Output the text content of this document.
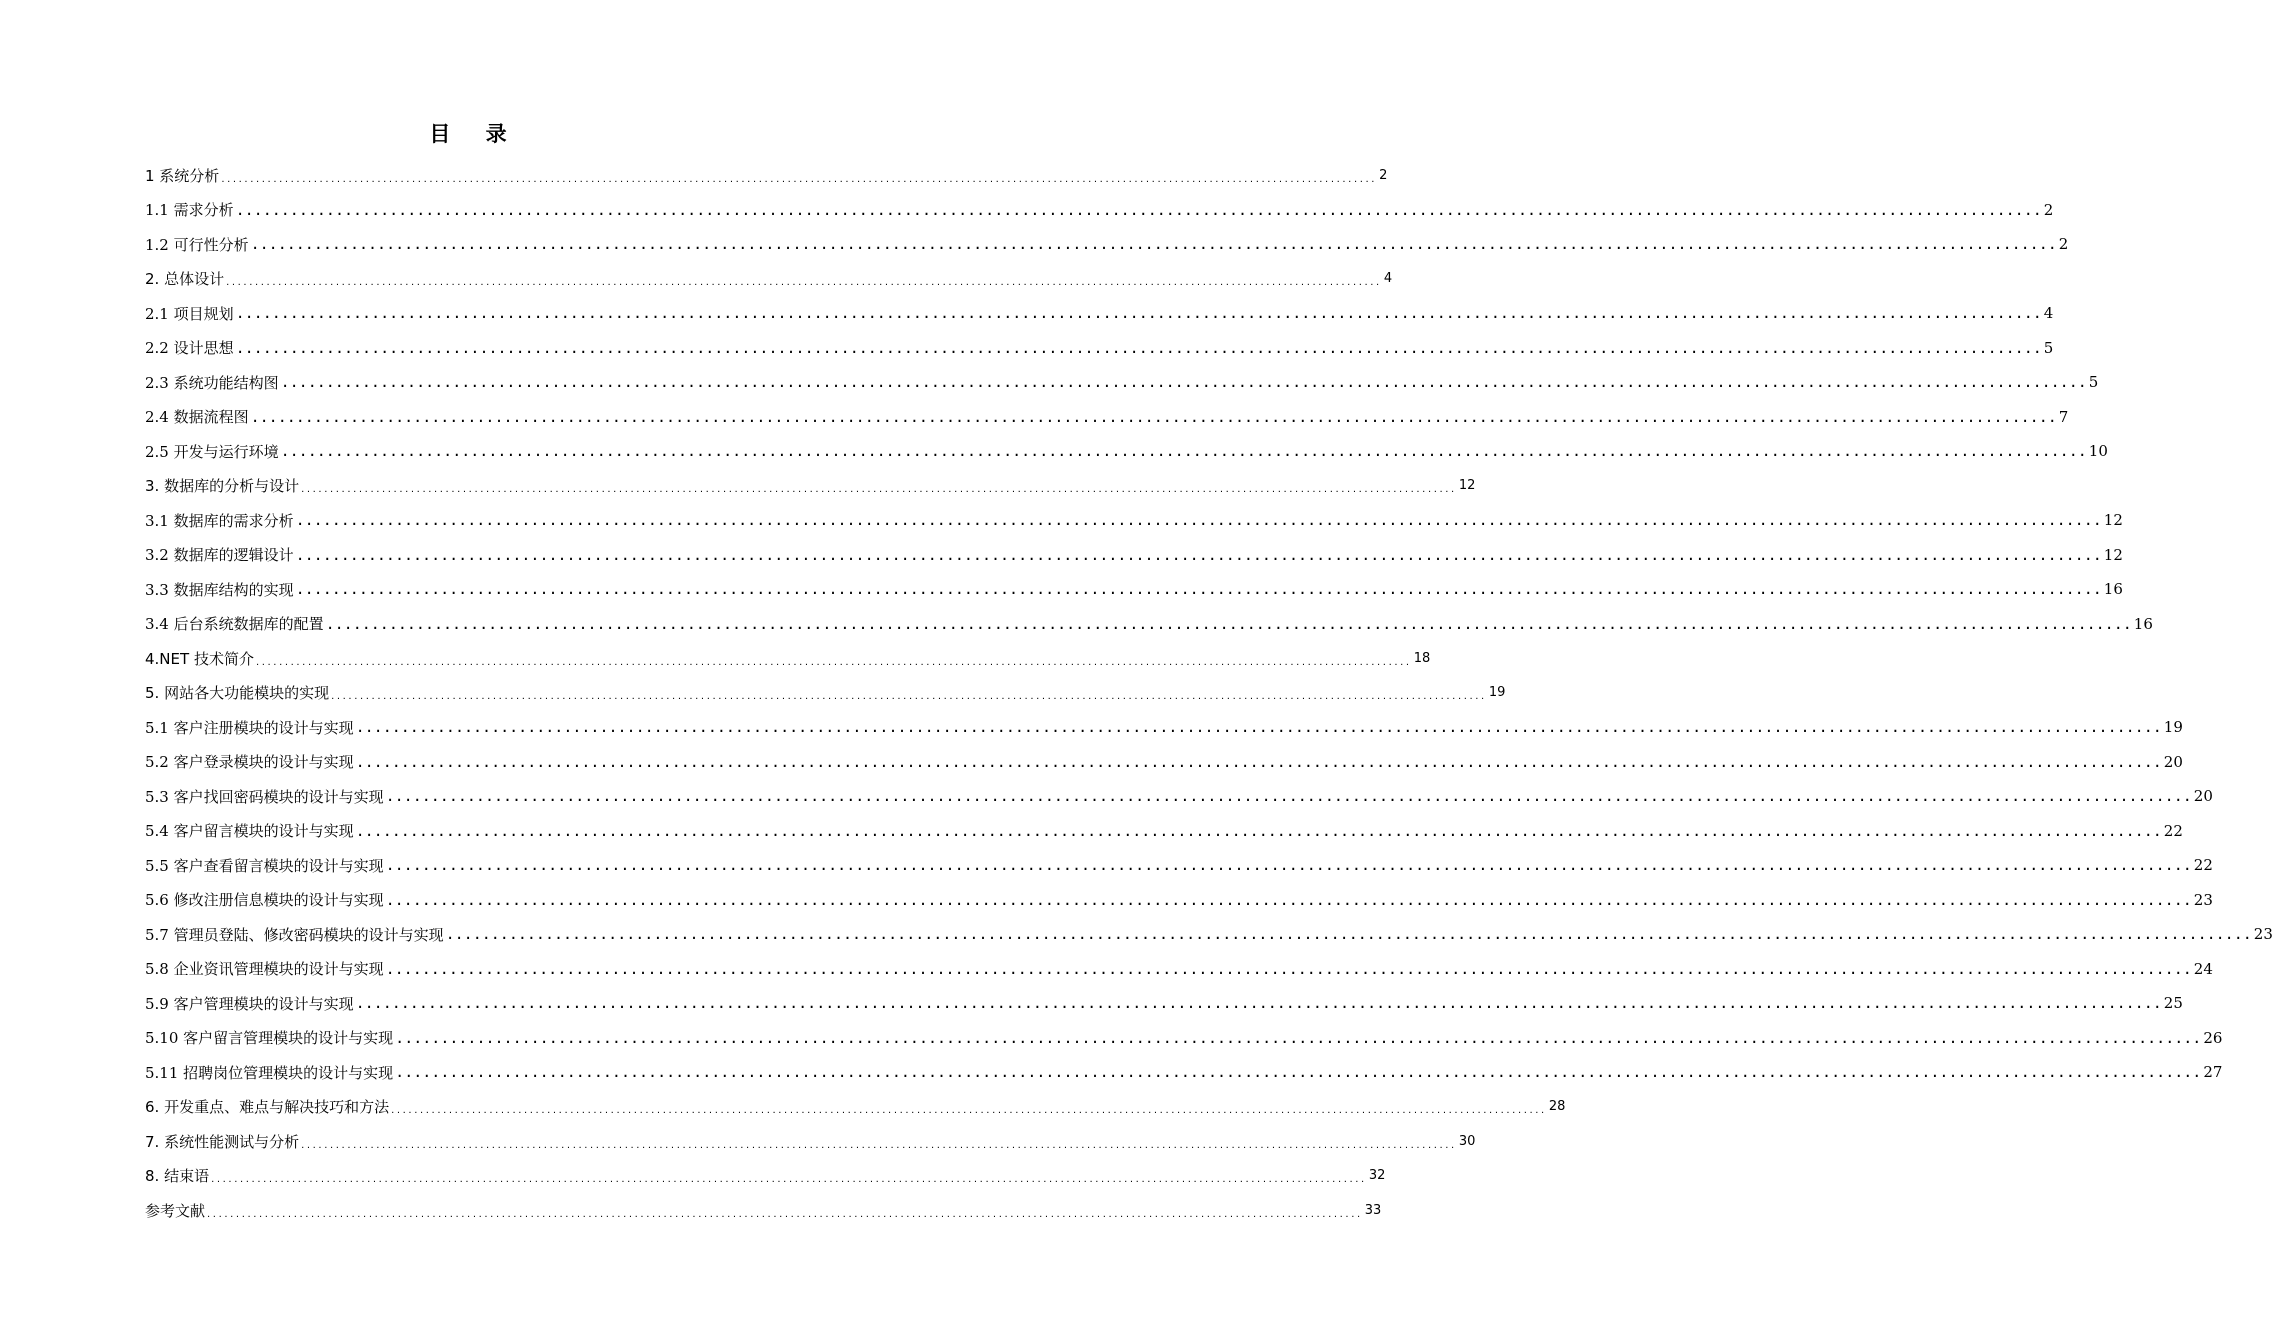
目 录
1 系统分析 ........................................................................................................................................................................................................ 2
1.1 需求分析 ........................................................................................................................................................................................................ 2
1.2 可行性分析 ........................................................................................................................................................................................................ 2
2. 总体设计 ........................................................................................................................................................................................................ 4
2.1 项目规划 ........................................................................................................................................................................................................ 4
2.2 设计思想 ........................................................................................................................................................................................................ 5
2.3 系统功能结构图 ........................................................................................................................................................................................................ 5
2.4 数据流程图 ........................................................................................................................................................................................................ 7
2.5 开发与运行环境 ........................................................................................................................................................................................................ 10
3. 数据库的分析与设计 ........................................................................................................................................................................................................ 12
3.1 数据库的需求分析 ........................................................................................................................................................................................................ 12
3.2 数据库的逻辑设计 ........................................................................................................................................................................................................ 12
3.3 数据库结构的实现 ........................................................................................................................................................................................................ 16
3.4 后台系统数据库的配置 ........................................................................................................................................................................................................ 16
4.NET 技术简介 ........................................................................................................................................................................................................ 18
5. 网站各大功能模块的实现 ........................................................................................................................................................................................................ 19
5.1 客户注册模块的设计与实现 ........................................................................................................................................................................................................ 19
5.2 客户登录模块的设计与实现 ........................................................................................................................................................................................................ 20
5.3 客户找回密码模块的设计与实现 ........................................................................................................................................................................................................ 20
5.4 客户留言模块的设计与实现 ........................................................................................................................................................................................................ 22
5.5 客户查看留言模块的设计与实现 ........................................................................................................................................................................................................ 22
5.6 修改注册信息模块的设计与实现 ........................................................................................................................................................................................................ 23
5.7 管理员登陆、修改密码模块的设计与实现 ........................................................................................................................................................................................................ 23
5.8 企业资讯管理模块的设计与实现 ........................................................................................................................................................................................................ 24
5.9 客户管理模块的设计与实现 ........................................................................................................................................................................................................ 25
5.10 客户留言管理模块的设计与实现 ........................................................................................................................................................................................................ 26
5.11 招聘岗位管理模块的设计与实现 ........................................................................................................................................................................................................ 27
6. 开发重点、难点与解决技巧和方法 ........................................................................................................................................................................................................ 28
7. 系统性能测试与分析 ........................................................................................................................................................................................................ 30
8. 结束语 ........................................................................................................................................................................................................ 32
参考文献 ........................................................................................................................................................................................................ 33
